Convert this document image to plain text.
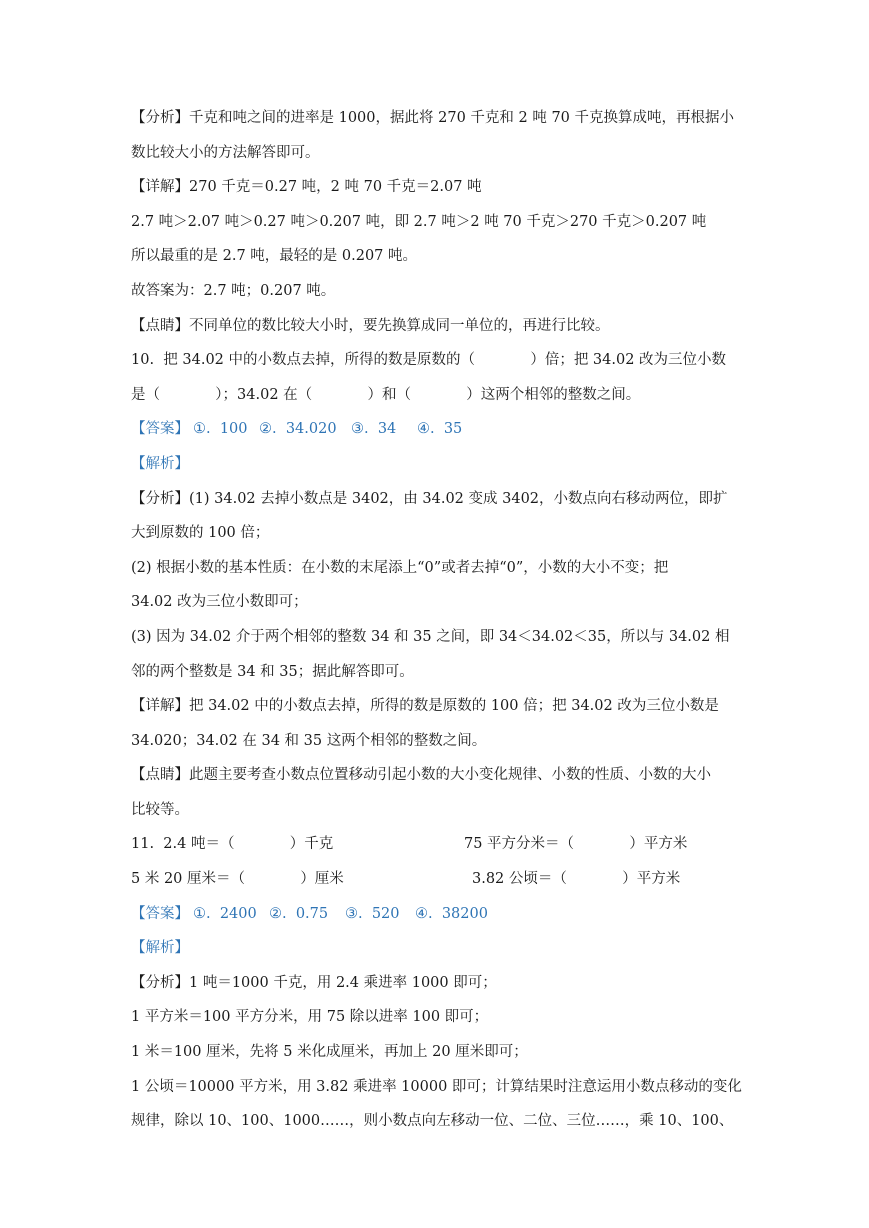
【分析】千克和吨之间的进率是 1000，据此将 270 千克和 2 吨 70 千克换算成吨，再根据小
数比较大小的方法解答即可。
【详解】270 千克＝0.27 吨，2 吨 70 千克＝2.07 吨
2.7 吨＞2.07 吨＞0.27 吨＞0.207 吨，即 2.7 吨＞2 吨 70 千克＞270 千克＞0.207 吨
所以最重的是 2.7 吨，最轻的是 0.207 吨。
故答案为：2.7 吨；0.207 吨。
【点睛】不同单位的数比较大小时，要先换算成同一单位的，再进行比较。
10.  把 34.02 中的小数点去掉，所得的数是原数的（            ）倍；把 34.02 改为三位小数
是（            ）；34.02 在（            ）和（            ）这两个相邻的整数之间。
【答案】 ①.  100 ②.  34.020 ③.  34 ④.  35
【解析】
【分析】(1) 34.02 去掉小数点是 3402，由 34.02 变成 3402，小数点向右移动两位，即扩
大到原数的 100 倍；
(2) 根据小数的基本性质：在小数的末尾添上“0”或者去掉“0”，小数的大小不变；把
34.02 改为三位小数即可；
(3) 因为 34.02 介于两个相邻的整数 34 和 35 之间，即 34＜34.02＜35，所以与 34.02 相
邻的两个整数是 34 和 35；据此解答即可。
【详解】把 34.02 中的小数点去掉，所得的数是原数的 100 倍；把 34.02 改为三位小数是
34.020；34.02 在 34 和 35 这两个相邻的整数之间。
【点睛】此题主要考查小数点位置移动引起小数的大小变化规律、小数的性质、小数的大小
比较等。
11.  2.4 吨＝（            ）千克	75 平方分米＝（            ）平方米
5 米 20 厘米＝（            ）厘米	3.82 公顷＝（            ）平方米
【答案】 ①.  2400 ②.  0.75 ③.  520 ④.  38200
【解析】
【分析】1 吨＝1000 千克，用 2.4 乘进率 1000 即可；
1 平方米＝100 平方分米，用 75 除以进率 100 即可；
1 米＝100 厘米，先将 5 米化成厘米，再加上 20 厘米即可；
1 公顷＝10000 平方米，用 3.82 乘进率 10000 即可；计算结果时注意运用小数点移动的变化
规律，除以 10、100、1000……，则小数点向左移动一位、二位、三位……，乘 10、100、
